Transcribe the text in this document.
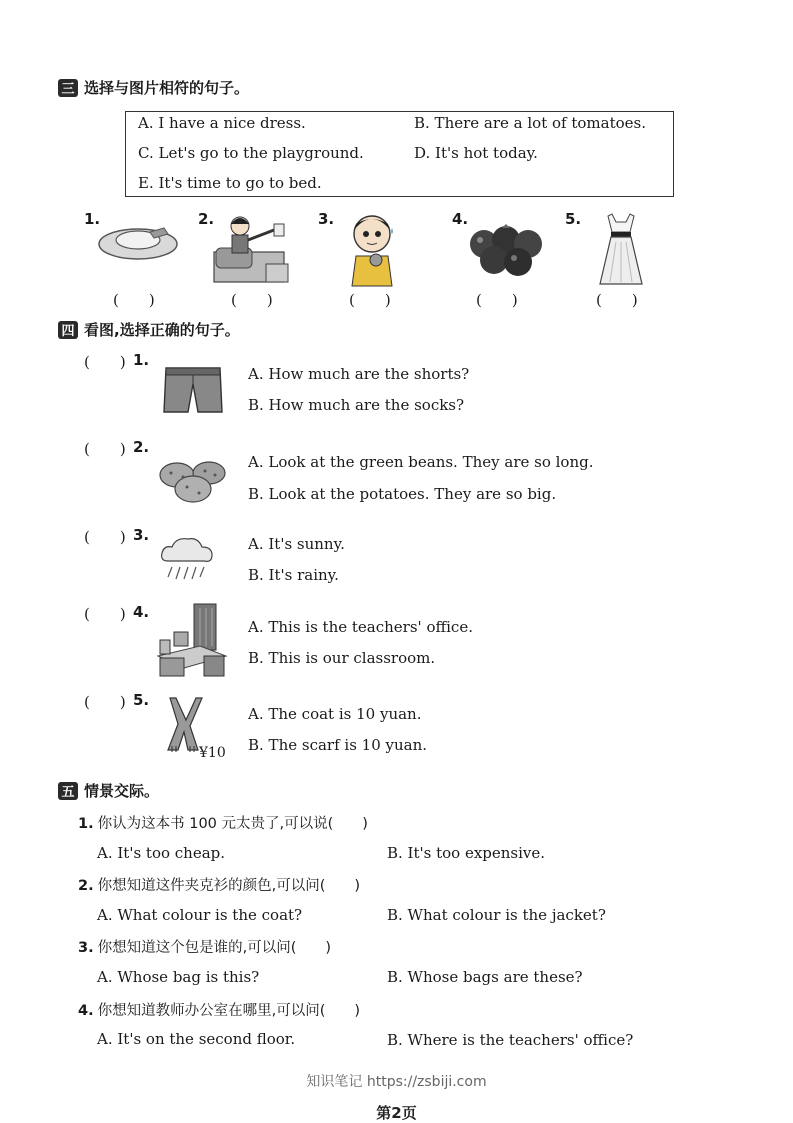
三 选择与图片相符的句子。
A. I have a nice dress.	B. There are a lot of tomatoes.
C. Let's go to the playground.	D. It's hot today.
E. It's time to go to bed.
1.	2.	3.	4.	5.
(　　)	(　　)	(　　)	(　　)	(　　)
四 看图,选择正确的句子。
(　　) 1.
A. How much are the shorts?
B. How much are the socks?
(　　) 2.
A. Look at the green beans. They are so long.
B. Look at the potatoes. They are so big.
(　　) 3.	A. It's sunny.
B. It's rainy.
(　　) 4.
A. This is the teachers' office.
B. This is our classroom.
(　　) 5.
¥10
A. The coat is 10 yuan.
B. The scarf is 10 yuan.
五 情景交际。
1. 你认为这本书 100 元太贵了,可以说(　　)
A. It's too cheap.	B. It's too expensive.
2. 你想知道这件夹克衫的颜色,可以问(　　)
A. What colour is the coat?	B. What colour is the jacket?
3. 你想知道这个包是谁的,可以问(　　)
A. Whose bag is this?	B. Whose bags are these?
4. 你想知道教师办公室在哪里,可以问(　　)
A. It's on the second floor.	B. Where is the teachers' office?
知识笔记 https://zsbiji.com
第2页
